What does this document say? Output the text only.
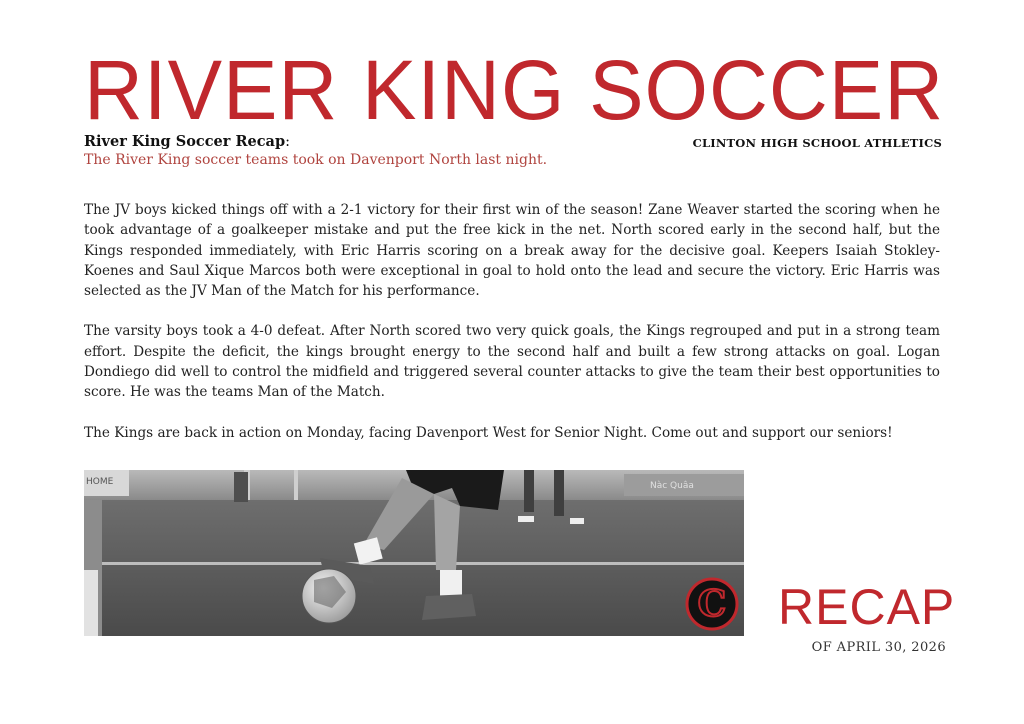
RIVER KING SOCCER
River King Soccer Recap:	CLINTON HIGH SCHOOL ATHLETICS
The River King soccer teams took on Davenport North last night.

The JV boys kicked things off with a 2-1 victory for their first win of the season! Zane Weaver started the scoring when he took advantage of a goalkeeper mistake and put the free kick in the net. North scored early in the second half, but the Kings responded immediately, with Eric Harris scoring on a break away for the decisive goal. Keepers Isaiah Stokley-Koenes and Saul Xique Marcos both were exceptional in goal to hold onto the lead and secure the victory. Eric Harris was selected as the JV Man of the Match for his performance.

The varsity boys took a 4-0 defeat. After North scored two very quick goals, the Kings regrouped and put in a strong team effort. Despite the deficit, the kings brought energy to the second half and built a few strong attacks on goal. Logan Dondiego did well to control the midfield and triggered several counter attacks to give the team their best opportunities to score. He was the teams Man of the Match.

The Kings are back in action on Monday, facing Davenport West for Senior Night. Come out and support our seniors!

HOME	Nàc Quâa
C RECAP
OF APRIL 30, 2026
